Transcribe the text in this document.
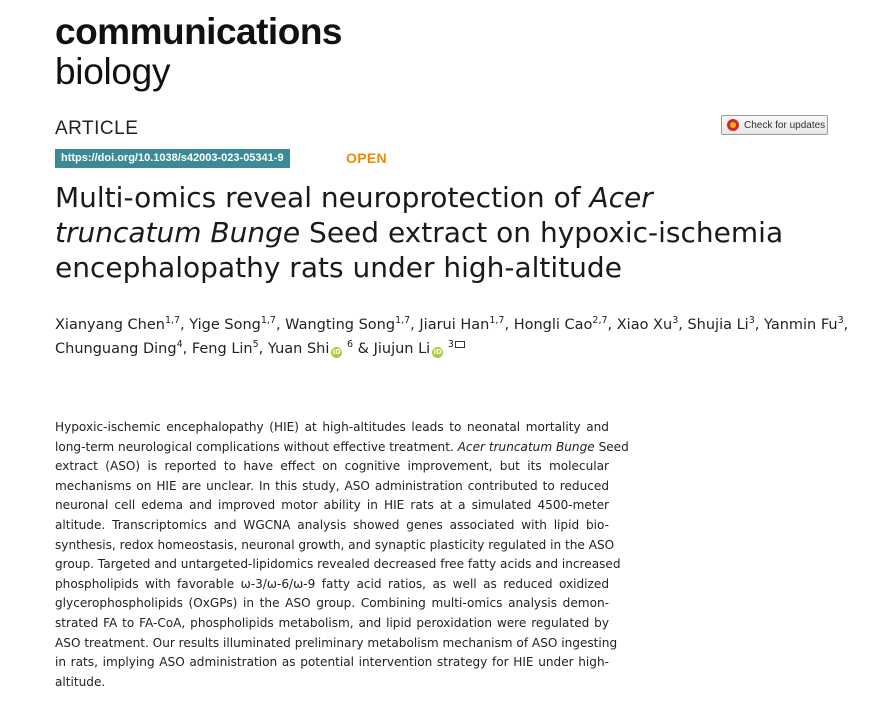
communications
biology
ARTICLE	Check for updates
https://doi.org/10.1038/s42003-023-05341-9	OPEN
Multi-omics reveal neuroprotection of Acer
truncatum Bunge Seed extract on hypoxic-ischemia
encephalopathy rats under high-altitude
Xianyang Chen$^{1,7}$, Yige Song$^{1,7}$, Wangting Song$^{1,7}$, Jiarui Han$^{1,7}$, Hongli Cao$^{2,7}$, Xiao Xu$^3$, Shujia Li$^3$, Yanmin Fu$^3$,
Chunguang Ding$^4$, Feng Lin$^5$, Yuan Shi iD $^6$ & Jiujun Li iD $^3$
Hypoxic-ischemic encephalopathy (HIE) at high-altitudes leads to neonatal mortality and
long-term neurological complications without effective treatment. Acer truncatum Bunge Seed
extract (ASO) is reported to have effect on cognitive improvement, but its molecular
mechanisms on HIE are unclear. In this study, ASO administration contributed to reduced
neuronal cell edema and improved motor ability in HIE rats at a simulated 4500-meter
altitude. Transcriptomics and WGCNA analysis showed genes associated with lipid bio-
synthesis, redox homeostasis, neuronal growth, and synaptic plasticity regulated in the ASO
group. Targeted and untargeted-lipidomics revealed decreased free fatty acids and increased
phospholipids with favorable ω-3/ω-6/ω-9 fatty acid ratios, as well as reduced oxidized
glycerophospholipids (OxGPs) in the ASO group. Combining multi-omics analysis demon-
strated FA to FA-CoA, phospholipids metabolism, and lipid peroxidation were regulated by
ASO treatment. Our results illuminated preliminary metabolism mechanism of ASO ingesting
in rats, implying ASO administration as potential intervention strategy for HIE under high-
altitude.
